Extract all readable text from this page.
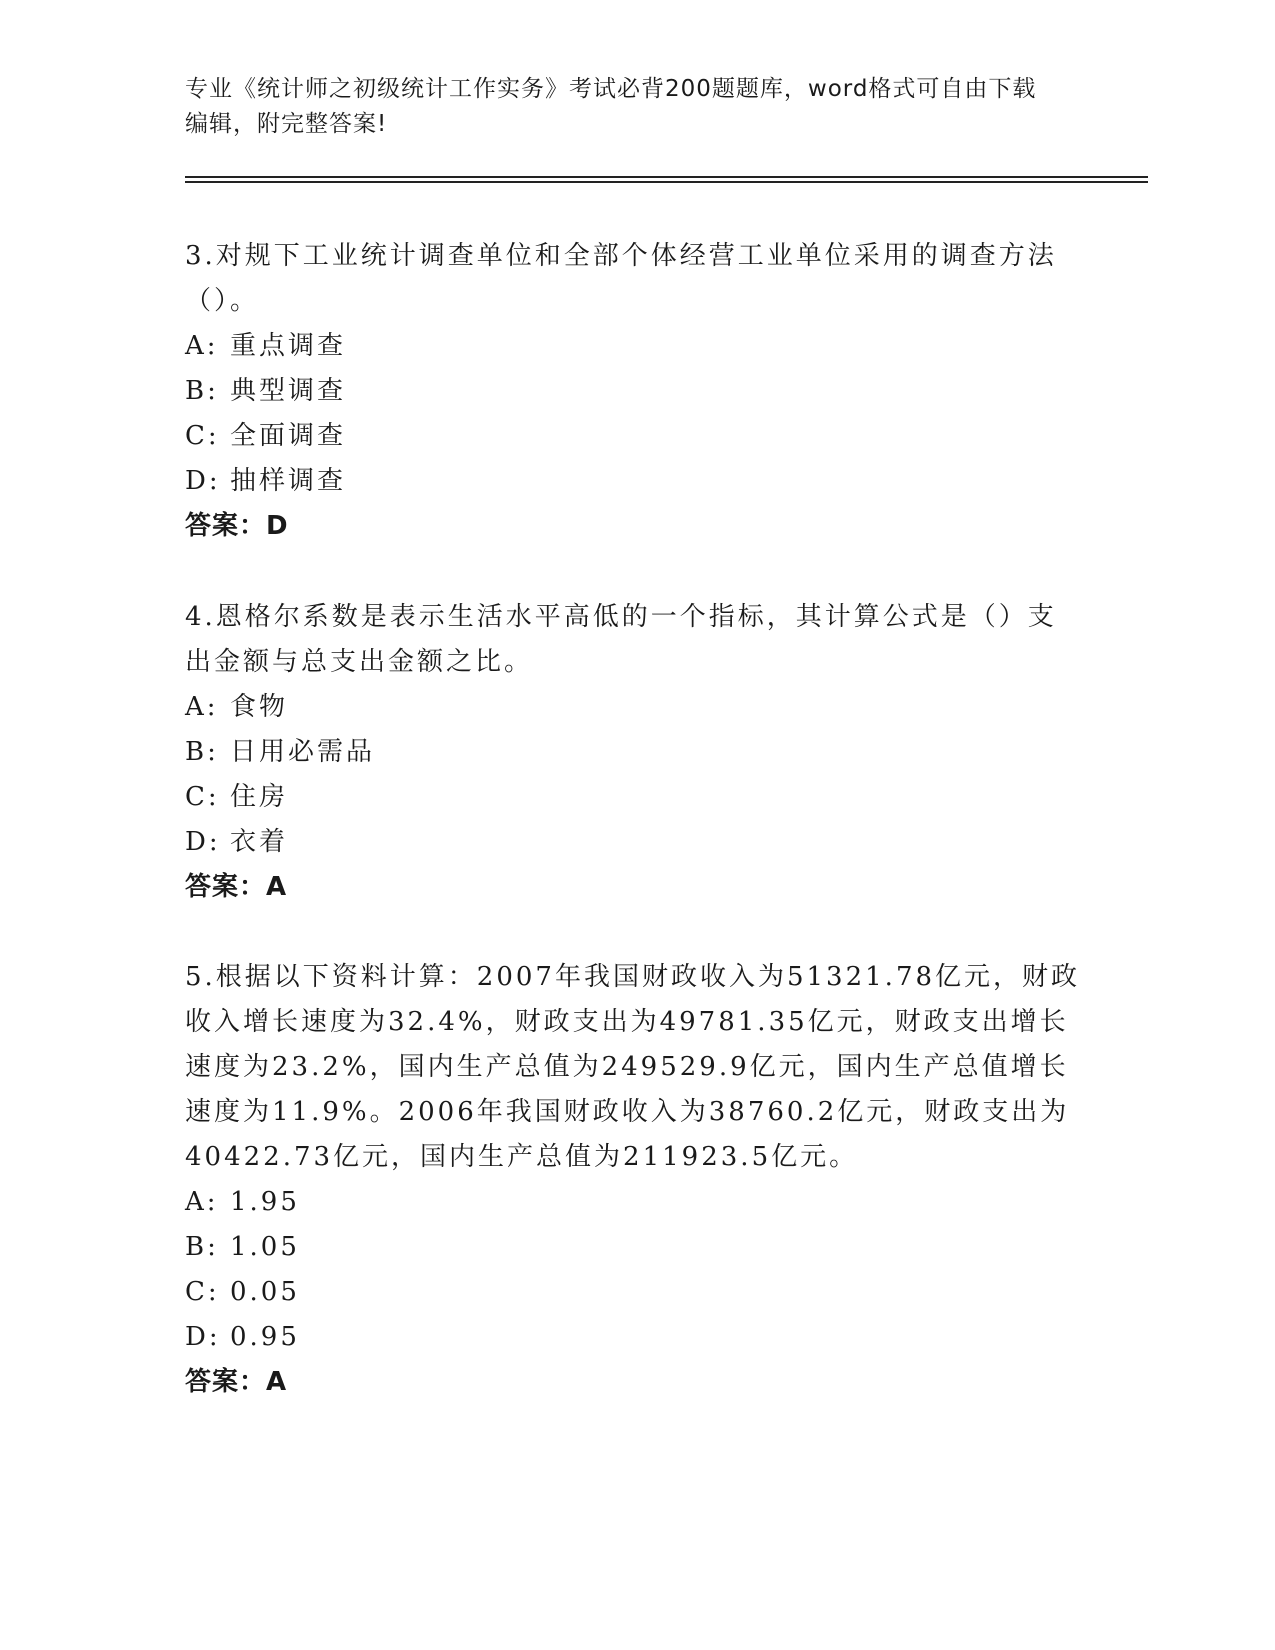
专业《统计师之初级统计工作实务》考试必背200题题库，word格式可自由下载
编辑，附完整答案!
3.对规下工业统计调查单位和全部个体经营工业单位采用的调查方法
（）。
A: 重点调查
B: 典型调查
C: 全面调查
D: 抽样调查
答案：D
4.恩格尔系数是表示生活水平高低的一个指标，其计算公式是（）支
出金额与总支出金额之比。
A: 食物
B: 日用必需品
C: 住房
D: 衣着
答案：A
5.根据以下资料计算：2007年我国财政收入为51321.78亿元，财政
收入增长速度为32.4%，财政支出为49781.35亿元，财政支出增长
速度为23.2%，国内生产总值为249529.9亿元，国内生产总值增长
速度为11.9%。2006年我国财政收入为38760.2亿元，财政支出为
40422.73亿元，国内生产总值为211923.5亿元。
A: 1.95
B: 1.05
C: 0.05
D: 0.95
答案：A
